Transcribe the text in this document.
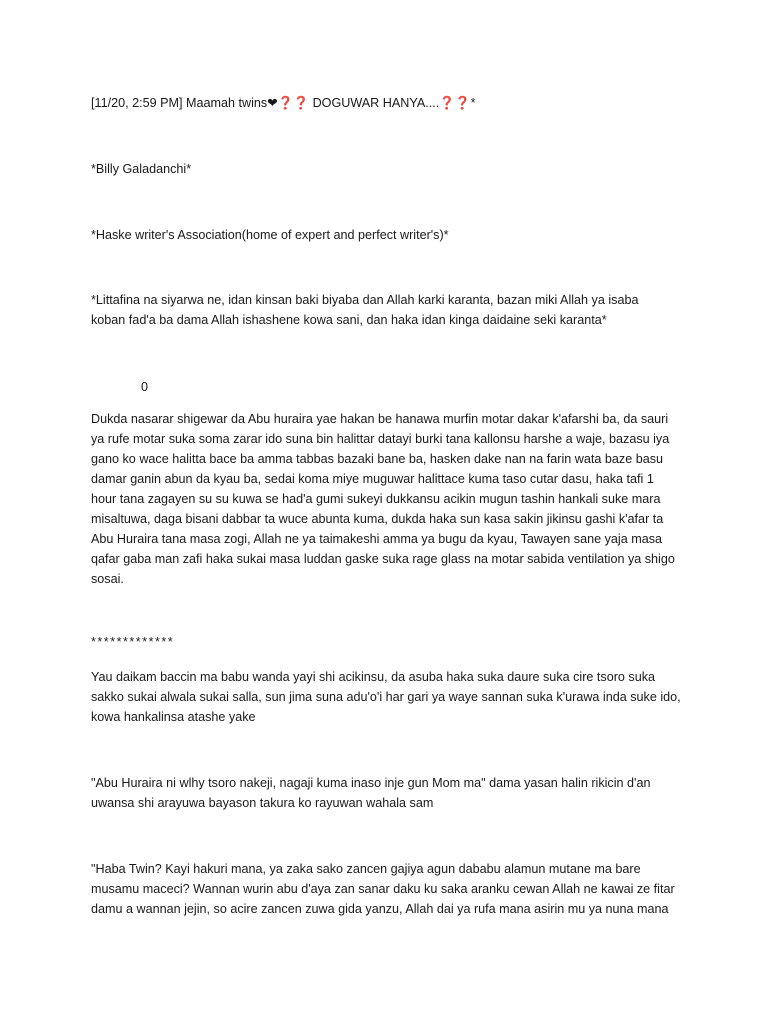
[11/20, 2:59 PM] Maamah twins❤❓❓ DOGUWAR HANYA....❓❓*

*Billy Galadanchi*

*Haske writer's Association(home of expert and perfect writer's)*

*Littafina na siyarwa ne, idan kinsan baki biyaba dan Allah karki karanta, bazan miki Allah ya isaba koban fad'a ba dama Allah ishashene kowa sani, dan haka idan kinga daidaine seki karanta*

0

Dukda nasarar shigewar da Abu huraira yae hakan be hanawa murfin motar dakar k'afarshi ba, da sauri ya rufe motar suka soma zarar ido suna bin halittar datayi burki tana kallonsu harshe a waje, bazasu iya gano ko wace halitta bace ba amma tabbas bazaki bane ba, hasken dake nan na farin wata baze basu damar ganin abun da kyau ba, sedai koma miye muguwar halittace kuma taso cutar dasu, haka tafi 1 hour tana zagayen su su kuwa se had'a gumi sukeyi dukkansu acikin mugun tashin hankali suke mara misaltuwa, daga bisani dabbar ta wuce abunta kuma, dukda haka sun kasa sakin jikinsu gashi k'afar ta Abu Huraira tana masa zogi, Allah ne ya taimakeshi amma ya bugu da kyau, Tawayen sane yaja masa qafar gaba man zafi haka sukai masa luddan gaske suka rage glass na motar sabida ventilation ya shigo sosai.

*************

Yau daikam baccin ma babu wanda yayi shi acikinsu, da asuba haka suka daure suka cire tsoro suka sakko sukai alwala sukai salla, sun jima suna adu'o'i har gari ya waye sannan suka k'urawa inda suke ido, kowa hankalinsa atashe yake

"Abu Huraira ni wlhy tsoro nakeji, nagaji kuma inaso inje gun Mom ma" dama yasan halin rikicin d'an uwansa shi arayuwa bayason takura ko rayuwan wahala sam

"Haba Twin? Kayi hakuri mana, ya zaka sako zancen gajiya agun dababu alamun mutane ma bare musamu maceci? Wannan wurin abu d'aya zan sanar daku ku saka aranku cewan Allah ne kawai ze fitar damu a wannan jejin, so acire zancen zuwa gida yanzu, Allah dai ya rufa mana asirin mu ya nuna mana
